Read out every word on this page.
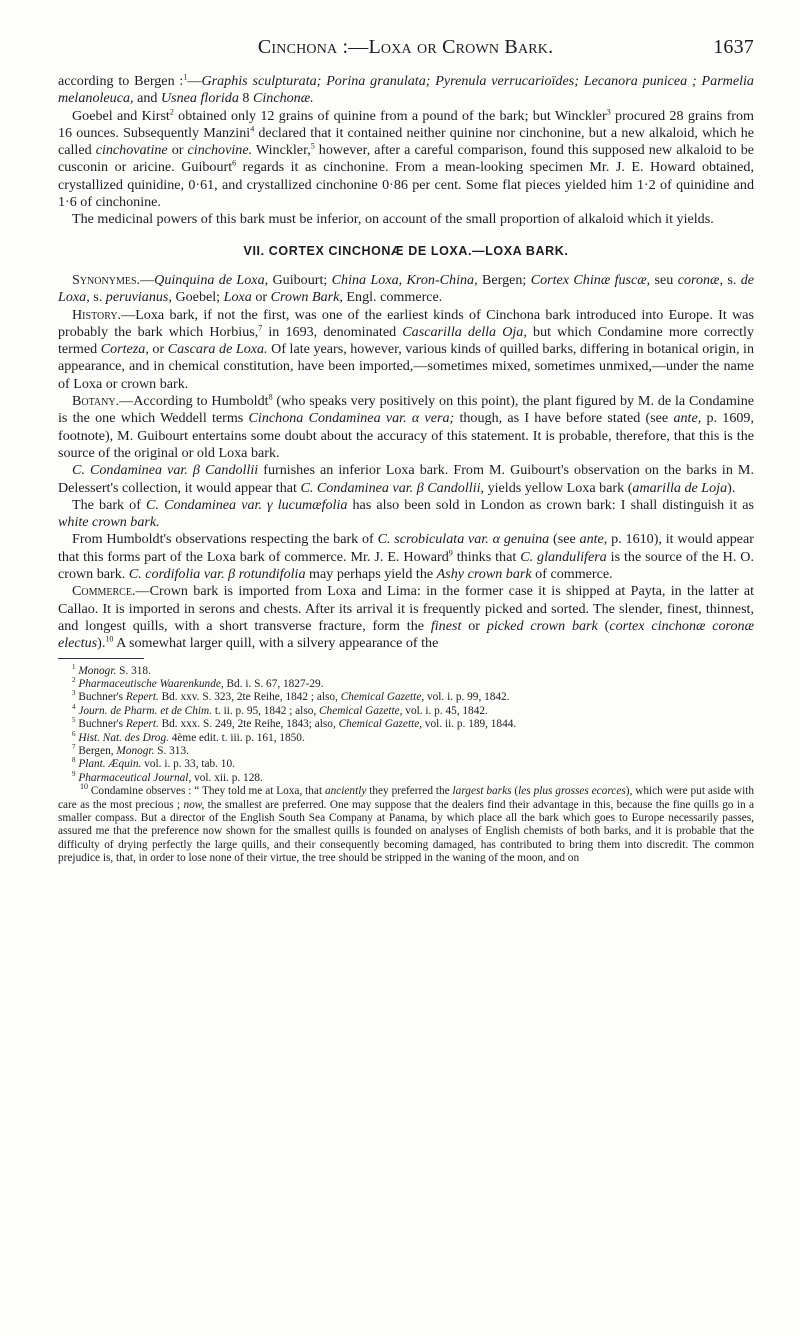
Cinchona :—Loxa or Crown Bark.	1637

according to Bergen :$^1$—Graphis sculpturata; Porina granulata; Pyrenula verrucarioïdes; Lecanora punicea ; Parmelia melanoleuca, and Usnea florida 8 Cinchonæ.

Goebel and Kirst$^2$ obtained only 12 grains of quinine from a pound of the bark; but Winckler$^3$ procured 28 grains from 16 ounces. Subsequently Manzini$^4$ declared that it contained neither quinine nor cinchonine, but a new alkaloid, which he called cinchovatine or cinchovine. Winckler,$^5$ however, after a careful comparison, found this supposed new alkaloid to be cusconin or aricine. Guibourt$^6$ regards it as cinchonine. From a mean-looking specimen Mr. J. E. Howard obtained, crystallized quinidine, 0·61, and crystallized cinchonine 0·86 per cent. Some flat pieces yielded him 1·2 of quinidine and 1·6 of cinchonine.

The medicinal powers of this bark must be inferior, on account of the small proportion of alkaloid which it yields.

VII. CORTEX CINCHONÆ DE LOXA.—LOXA BARK.

Synonymes.—Quinquina de Loxa, Guibourt; China Loxa, Kron-China, Bergen; Cortex Chinæ fuscæ, seu coronæ, s. de Loxa, s. peruvianus, Goebel; Loxa or Crown Bark, Engl. commerce.

History.—Loxa bark, if not the first, was one of the earliest kinds of Cinchona bark introduced into Europe. It was probably the bark which Horbius,$^7$ in 1693, denominated Cascarilla della Oja, but which Condamine more correctly termed Corteza, or Cascara de Loxa. Of late years, however, various kinds of quilled barks, differing in botanical origin, in appearance, and in chemical constitution, have been imported,—sometimes mixed, sometimes unmixed,—under the name of Loxa or crown bark.

Botany.—According to Humboldt$^8$ (who speaks very positively on this point), the plant figured by M. de la Condamine is the one which Weddell terms Cinchona Condaminea var. α vera; though, as I have before stated (see ante, p. 1609, footnote), M. Guibourt entertains some doubt about the accuracy of this statement. It is probable, therefore, that this is the source of the original or old Loxa bark.

C. Condaminea var. β Candollii furnishes an inferior Loxa bark. From M. Guibourt's observation on the barks in M. Delessert's collection, it would appear that C. Condaminea var. β Candollii, yields yellow Loxa bark (amarilla de Loja).

The bark of C. Condaminea var. γ lucumæfolia has also been sold in London as crown bark: I shall distinguish it as white crown bark.

From Humboldt's observations respecting the bark of C. scrobiculata var. α genuina (see ante, p. 1610), it would appear that this forms part of the Loxa bark of commerce. Mr. J. E. Howard$^9$ thinks that C. glandulifera is the source of the H. O. crown bark. C. cordifolia var. β rotundifolia may perhaps yield the Ashy crown bark of commerce.

Commerce.—Crown bark is imported from Loxa and Lima: in the former case it is shipped at Payta, in the latter at Callao. It is imported in serons and chests. After its arrival it is frequently picked and sorted. The slender, finest, thinnest, and longest quills, with a short transverse fracture, form the finest or picked crown bark (cortex cinchonæ coronæ electus).$^{10}$ A somewhat larger quill, with a silvery appearance of the

$^1$ Monogr. S. 318.

$^2$ Pharmaceutische Waarenkunde, Bd. i. S. 67, 1827-29.

$^3$ Buchner's Repert. Bd. xxv. S. 323, 2te Reihe, 1842 ; also, Chemical Gazette, vol. i. p. 99, 1842.

$^4$ Journ. de Pharm. et de Chim. t. ii. p. 95, 1842 ; also, Chemical Gazette, vol. i. p. 45, 1842.

$^5$ Buchner's Repert. Bd. xxx. S. 249, 2te Reihe, 1843; also, Chemical Gazette, vol. ii. p. 189, 1844.

$^6$ Hist. Nat. des Drog. 4ème edit. t. iii. p. 161, 1850.

$^7$ Bergen, Monogr. S. 313.

$^8$ Plant. Æquin. vol. i. p. 33, tab. 10.

$^9$ Pharmaceutical Journal, vol. xii. p. 128.

$^{10}$ Condamine observes : “ They told me at Loxa, that anciently they preferred the largest barks (les plus grosses ecorces), which were put aside with care as the most precious ; now, the smallest are preferred. One may suppose that the dealers find their advantage in this, because the fine quills go in a smaller compass. But a director of the English South Sea Company at Panama, by which place all the bark which goes to Europe necessarily passes, assured me that the preference now shown for the smallest quills is founded on analyses of English chemists of both barks, and it is probable that the difficulty of drying perfectly the large quills, and their consequently becoming damaged, has contributed to bring them into discredit. The common prejudice is, that, in order to lose none of their virtue, the tree should be stripped in the waning of the moon, and on
